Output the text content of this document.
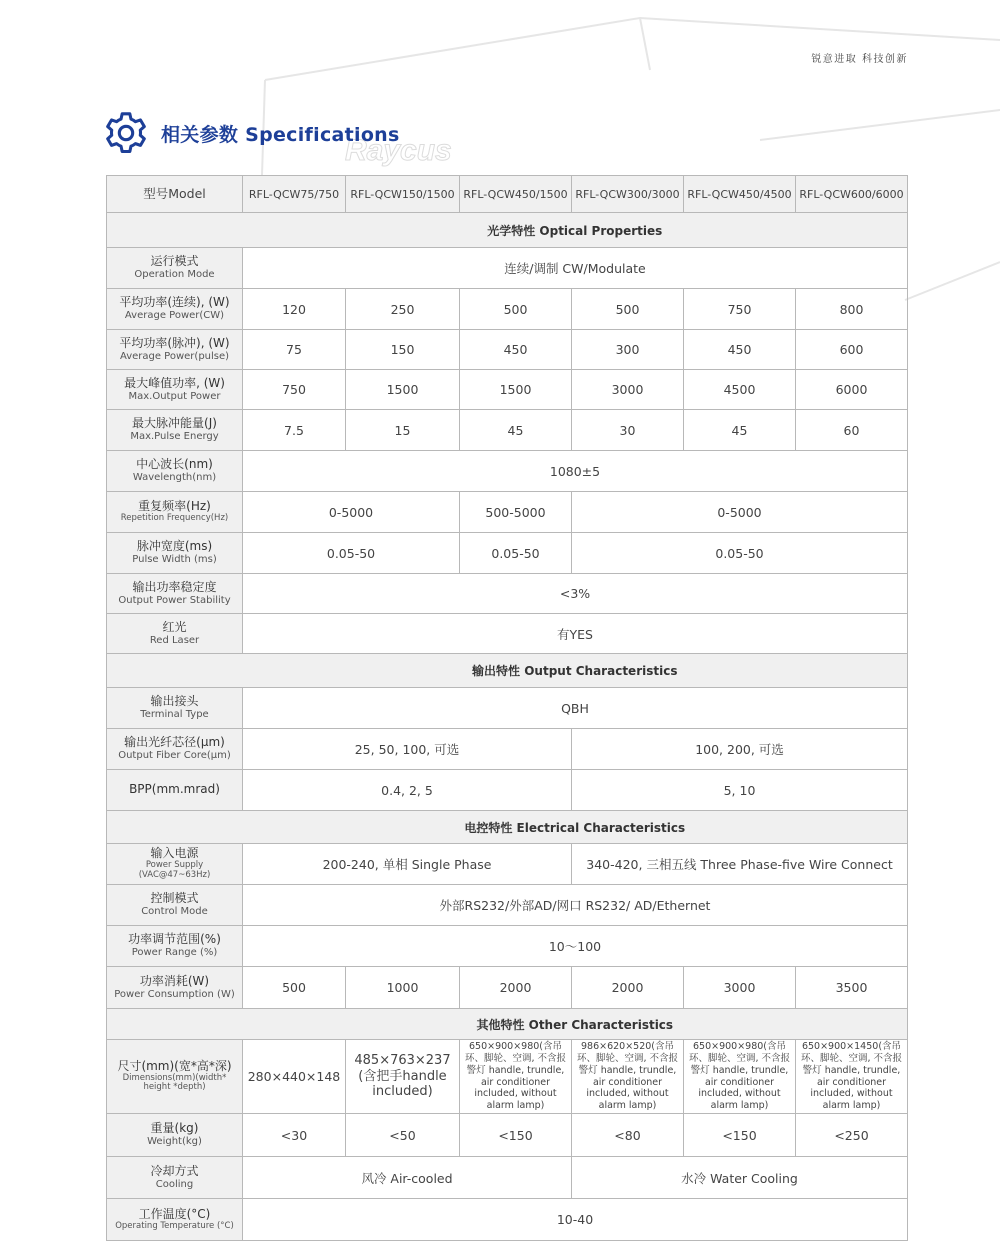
Raycus
锐意进取 科技创新
相关参数 Specifications
型号Model	RFL-QCW75/750	RFL-QCW150/1500	RFL-QCW450/1500	RFL-QCW300/3000	RFL-QCW450/4500	RFL-QCW600/6000
	光学特性 Optical Properties					

运行模式
Operation Mode	连续/调制 CW/Modulate					

平均功率(连续), (W)
Average Power(CW)	120	250	500	500	750	800

平均功率(脉冲), (W)
Average Power(pulse)	75	150	450	300	450	600

最大峰值功率, (W)
Max.Output Power	750	1500	1500	3000	4500	6000

最大脉冲能量(J)
Max.Pulse Energy	7.5	15	45	30	45	60

中心波长(nm)
Wavelength(nm)	1080±5					

重复频率(Hz)
Repetition Frequency(Hz)	0-5000		500-5000	0-5000		

脉冲宽度(ms)
Pulse Width (ms)	0.05-50		0.05-50	0.05-50		

输出功率稳定度
Output Power Stability	<3%					

红光
Red Laser	有YES					
	输出特性 Output Characteristics					

输出接头
Terminal Type	QBH					

输出光纤芯径(μm)
Output Fiber Core(μm)	25, 50, 100, 可选			100, 200, 可选		

BPP(mm.mrad)	0.4, 2, 5			5, 10		
	电控特性 Electrical Characteristics					

输入电源
Power Supply (VAC@47~63Hz)	200-240, 单相 Single Phase			340-420, 三相五线 Three Phase-five Wire Connect		

控制模式
Control Mode	外部RS232/外部AD/网口 RS232/ AD/Ethernet					

功率调节范围(%)
Power Range (%)	10～100					

功率消耗(W)
Power Consumption (W)	500	1000	2000	2000	3000	3500
	其他特性 Other Characteristics					

尺寸(mm)(宽*高*深)
Dimensions(mm)(width* height *depth)	280×440×148	485×763×237 (含把手handle included)	650×900×980(含吊环、脚轮、空调, 不含报警灯 handle, trundle, air conditioner included, without alarm lamp)	986×620×520(含吊环、脚轮、空调, 不含报警灯 handle, trundle, air conditioner included, without alarm lamp)	650×900×980(含吊环、脚轮、空调, 不含报警灯 handle, trundle, air conditioner included, without alarm lamp)	650×900×1450(含吊环、脚轮、空调, 不含报警灯 handle, trundle, air conditioner included, without alarm lamp)

重量(kg)
Weight(kg)	<30	<50	<150	<80	<150	<250

冷却方式
Cooling	风冷 Air-cooled			水冷 Water Cooling		

工作温度(°C)
Operating Temperature (°C)	10-40					
